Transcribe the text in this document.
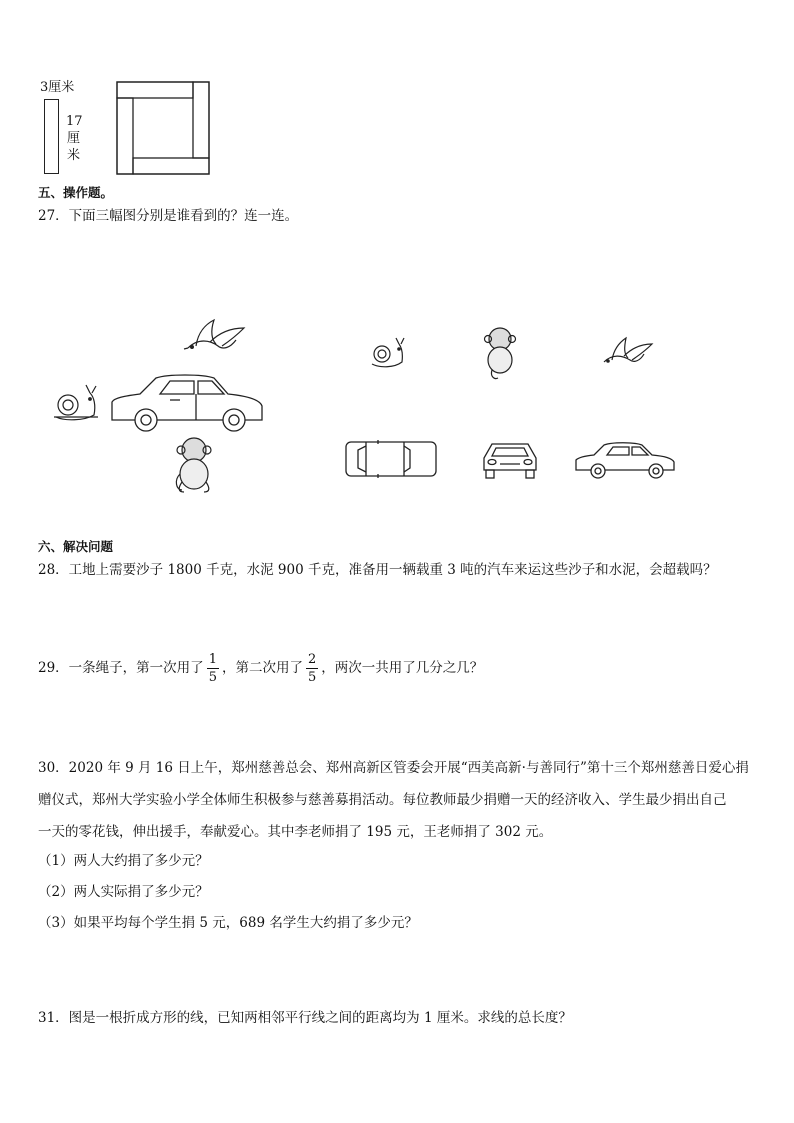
3厘米
17
厘
米
五、操作题。
27．下面三幅图分别是谁看到的？连一连。
六、解决问题
28．工地上需要沙子 1800 千克，水泥 900 千克，准备用一辆载重 3 吨的汽车来运这些沙子和水泥，会超载吗？
29．一条绳子，第一次用了 $\frac{1}{5}$ ，第二次用了 $\frac{2}{5}$ ，两次一共用了几分之几？
30．2020 年 9 月 16 日上午，郑州慈善总会、郑州高新区管委会开展“西美高新·与善同行”第十三个郑州慈善日爱心捐
赠仪式，郑州大学实验小学全体师生积极参与慈善募捐活动。每位教师最少捐赠一天的经济收入、学生最少捐出自己
一天的零花钱，伸出援手，奉献爱心。其中李老师捐了 195 元，王老师捐了 302 元。
（1）两人大约捐了多少元？
（2）两人实际捐了多少元？
（3）如果平均每个学生捐 5 元，689 名学生大约捐了多少元？
31．图是一根折成方形的线，已知两相邻平行线之间的距离均为 1 厘米。求线的总长度？
